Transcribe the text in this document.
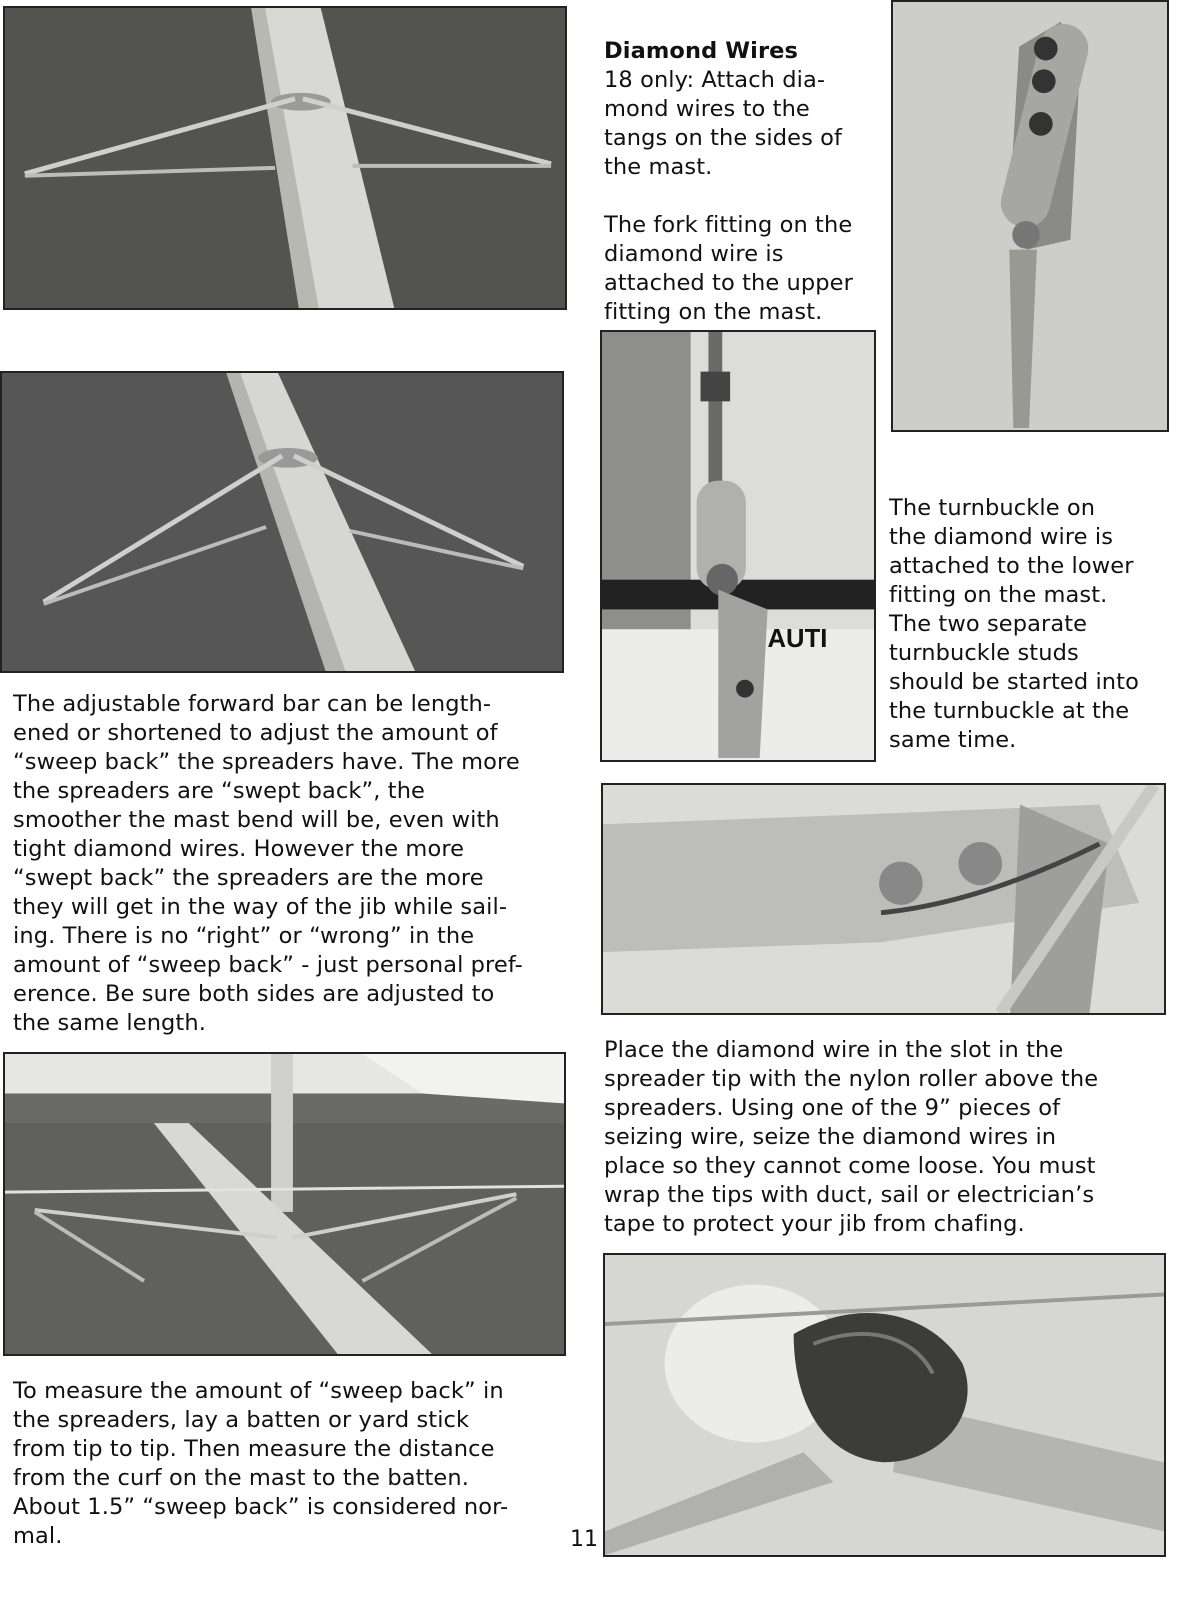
Diamond Wires
18 only: Attach dia-
mond wires to the
tangs on the sides of
the mast.

The fork fitting on the
diamond wire is
attached to the upper
fitting on the mast.

AUTI
The turnbuckle on
the diamond wire is
attached to the lower
fitting on the mast.
The two separate
turnbuckle studs
should be started into
the turnbuckle at the
same time.
The adjustable forward bar can be length-
ened or shortened to adjust the amount of
“sweep back” the spreaders have. The more
the spreaders are “swept back”, the
smoother the mast bend will be, even with
tight diamond wires. However the more
“swept back” the spreaders are the more
they will get in the way of the jib while sail-
ing. There is no “right” or “wrong” in the
amount of “sweep back” - just personal pref-
erence. Be sure both sides are adjusted to
the same length.
Place the diamond wire in the slot in the
spreader tip with the nylon roller above the
spreaders. Using one of the 9” pieces of
seizing wire, seize the diamond wires in
place so they cannot come loose. You must
wrap the tips with duct, sail or electrician’s
tape to protect your jib from chafing.
To measure the amount of “sweep back” in
the spreaders, lay a batten or yard stick
from tip to tip. Then measure the distance
from the curf on the mast to the batten.
About 1.5” “sweep back” is considered nor-
mal.	11
